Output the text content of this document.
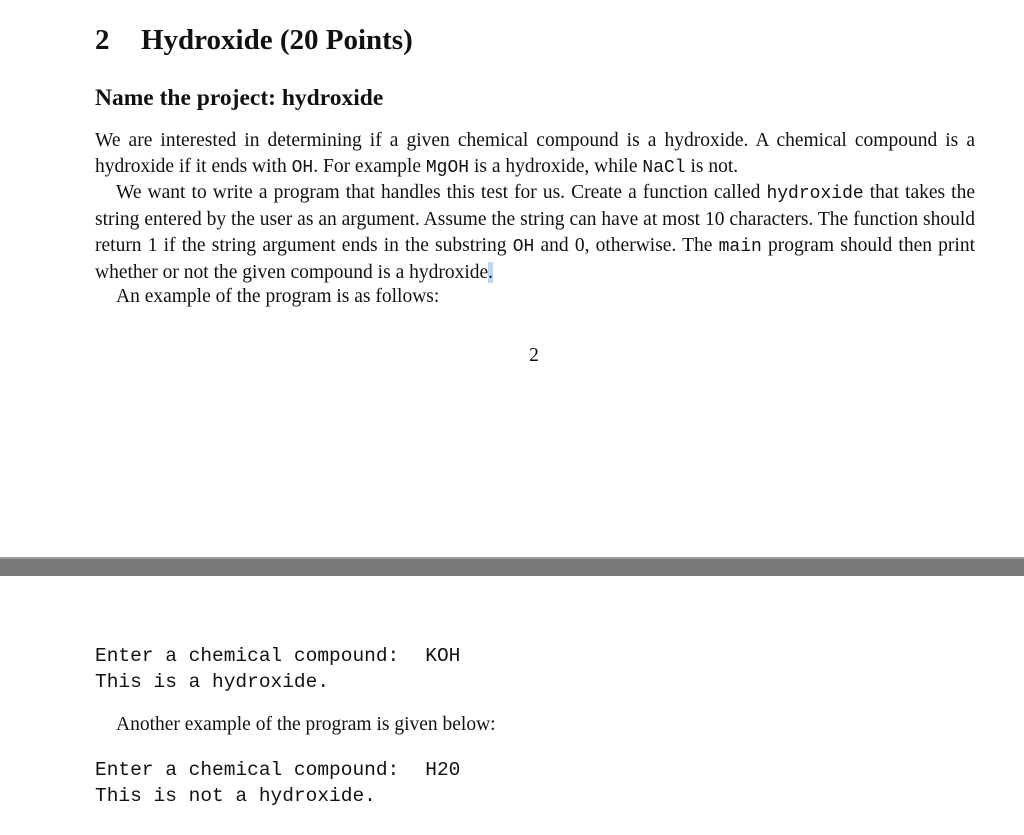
2 Hydroxide (20 Points)
Name the project: hydroxide

We are interested in determining if a given chemical compound is a hydroxide. A chemical compound is a hydroxide if it ends with OH. For example MgOH is a hydroxide, while NaCl is not.

We want to write a program that handles this test for us. Create a function called hydroxide that takes the string entered by the user as an argument. Assume the string can have at most 10 characters. The function should return 1 if the string argument ends in the substring OH and 0, otherwise. The main program should then print whether or not the given compound is a hydroxide.

An example of the program is as follows:

2
Enter a chemical compound: KOH
This is a hydroxide.

Another example of the program is given below:

Enter a chemical compound: H20
This is not a hydroxide.
